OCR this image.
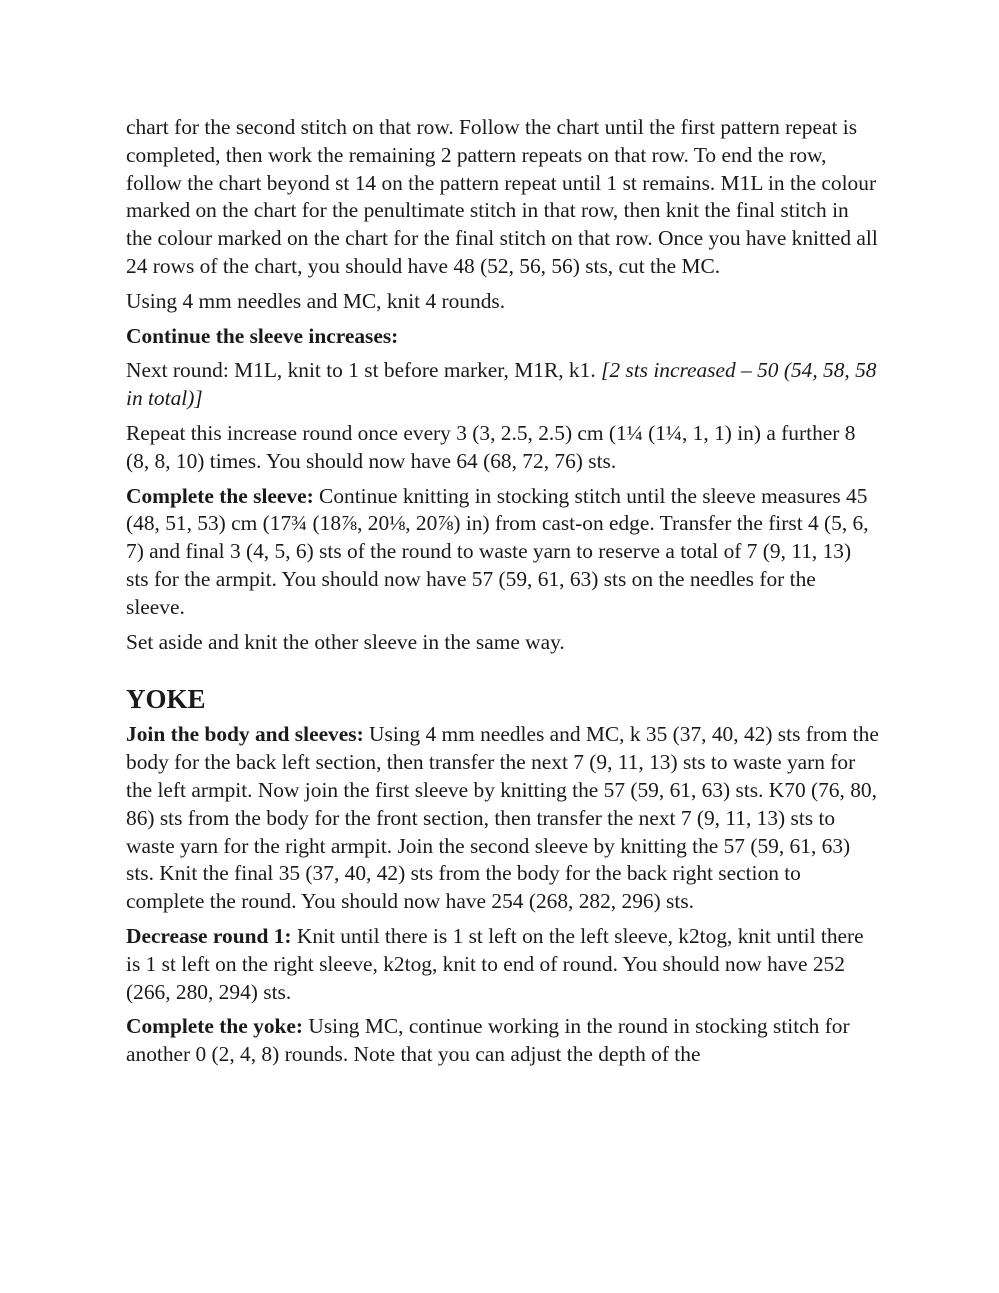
chart for the second stitch on that row. Follow the chart until the first pattern repeat is completed, then work the remaining 2 pattern repeats on that row. To end the row, follow the chart beyond st 14 on the pattern repeat until 1 st remains. M1L in the colour marked on the chart for the penultimate stitch in that row, then knit the final stitch in the colour marked on the chart for the final stitch on that row. Once you have knitted all 24 rows of the chart, you should have 48 (52, 56, 56) sts, cut the MC.

Using 4 mm needles and MC, knit 4 rounds.

Continue the sleeve increases:

Next round: M1L, knit to 1 st before marker, M1R, k1. [2 sts increased – 50 (54, 58, 58 in total)]

Repeat this increase round once every 3 (3, 2.5, 2.5) cm (1¼ (1¼, 1, 1) in) a further 8 (8, 8, 10) times. You should now have 64 (68, 72, 76) sts.

Complete the sleeve: Continue knitting in stocking stitch until the sleeve measures 45 (48, 51, 53) cm (17¾ (18⅞, 20⅛, 20⅞) in) from cast-on edge. Transfer the first 4 (5, 6, 7) and final 3 (4, 5, 6) sts of the round to waste yarn to reserve a total of 7 (9, 11, 13) sts for the armpit. You should now have 57 (59, 61, 63) sts on the needles for the sleeve.

Set aside and knit the other sleeve in the same way.

YOKE

Join the body and sleeves: Using 4 mm needles and MC, k 35 (37, 40, 42) sts from the body for the back left section, then transfer the next 7 (9, 11, 13) sts to waste yarn for the left armpit. Now join the first sleeve by knitting the 57 (59, 61, 63) sts. K70 (76, 80, 86) sts from the body for the front section, then transfer the next 7 (9, 11, 13) sts to waste yarn for the right armpit. Join the second sleeve by knitting the 57 (59, 61, 63) sts. Knit the final 35 (37, 40, 42) sts from the body for the back right section to complete the round. You should now have 254 (268, 282, 296) sts.

Decrease round 1: Knit until there is 1 st left on the left sleeve, k2tog, knit until there is 1 st left on the right sleeve, k2tog, knit to end of round. You should now have 252 (266, 280, 294) sts.

Complete the yoke: Using MC, continue working in the round in stocking stitch for another 0 (2, 4, 8) rounds. Note that you can adjust the depth of the
